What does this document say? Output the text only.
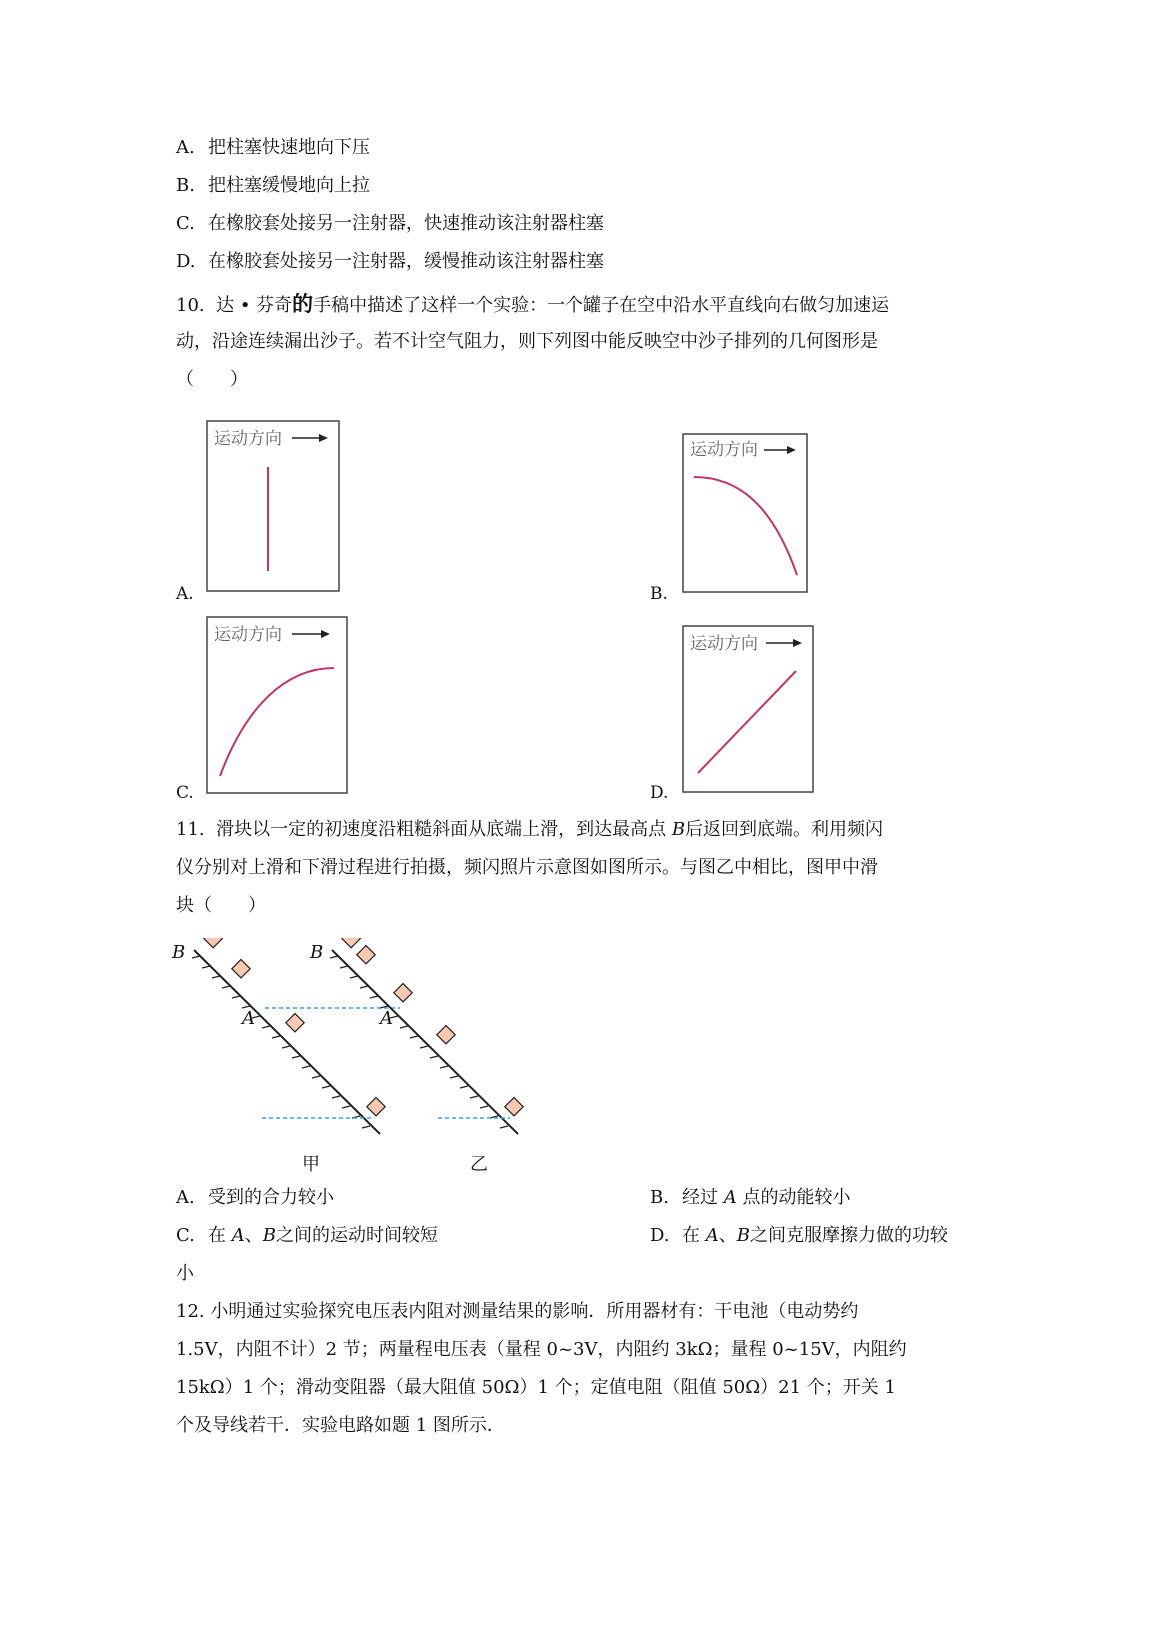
A. 把柱塞快速地向下压
B. 把柱塞缓慢地向上拉
C. 在橡胶套处接另一注射器，快速推动该注射器柱塞
D. 在橡胶套处接另一注射器，缓慢推动该注射器柱塞
10. 达 • 芬奇的手稿中描述了这样一个实验：一个罐子在空中沿水平直线向右做匀加速运
动，沿途连续漏出沙子。若不计空气阻力，则下列图中能反映空中沙子排列的几何图形是
（　　）
运动方向
A.
运动方向
B.
运动方向
C.
运动方向
D.
11. 滑块以一定的初速度沿粗糙斜面从底端上滑，到达最高点 B后返回到底端。利用频闪
仪分别对上滑和下滑过程进行拍摄，频闪照片示意图如图所示。与图乙中相比，图甲中滑
块（　　）
B
A
甲
B
A
乙
A. 受到的合力较小	B. 经过 A 点的动能较小
C. 在 A、B之间的运动时间较短	D. 在 A、B之间克服摩擦力做的功较
小
12. 小明通过实验探究电压表内阻对测量结果的影响．所用器材有：干电池（电动势约
1.5V，内阻不计）2 节；两量程电压表（量程 0~3V，内阻约 3kΩ；量程 0~15V，内阻约
15kΩ）1 个；滑动变阻器（最大阻值 50Ω）1 个；定值电阻（阻值 50Ω）21 个；开关 1
个及导线若干．实验电路如题 1 图所示．
